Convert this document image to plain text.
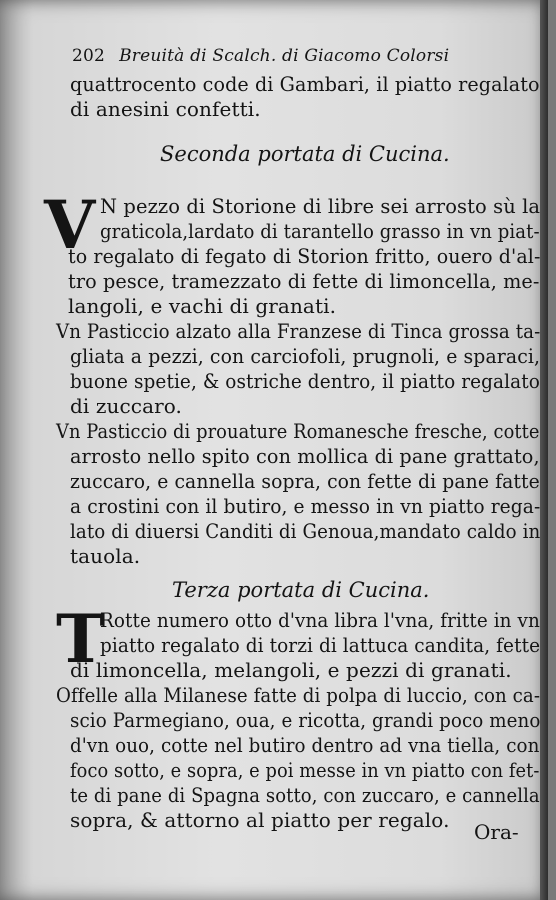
202 Breuità di Scalch. di Giacomo Colorsi
quattrocento code di Gambari, il piatto regalato
di anesini confetti.
Seconda portata di Cucina.
V N pezzo di Storione di libre sei arrosto sù la
graticola,lardato di tarantello grasso in vn piat-
to regalato di fegato di Storion fritto, ouero d'al-
tro pesce, tramezzato di fette di limoncella, me-
langoli, e vachi di granati.
Vn Pasticcio alzato alla Franzese di Tinca grossa ta-
gliata a pezzi, con carciofoli, prugnoli, e sparaci,
buone spetie, & ostriche dentro, il piatto regalato
di zuccaro.
Vn Pasticcio di prouature Romanesche fresche, cotte
arrosto nello spito con mollica di pane grattato,
zuccaro, e cannella sopra, con fette di pane fatte
a crostini con il butiro, e messo in vn piatto rega-
lato di diuersi Canditi di Genoua,mandato caldo in
tauola.
Terza portata di Cucina.
T
Rotte numero otto d'vna libra l'vna, fritte in vn
piatto regalato di torzi di lattuca candita, fette
di limoncella, melangoli, e pezzi di granati.
Offelle alla Milanese fatte di polpa di luccio, con ca-
scio Parmegiano, oua, e ricotta, grandi poco meno
d'vn ouo, cotte nel butiro dentro ad vna tiella, con
foco sotto, e sopra, e poi messe in vn piatto con fet-
te di pane di Spagna sotto, con zuccaro, e cannella
sopra, & attorno al piatto per regalo. Ora-
